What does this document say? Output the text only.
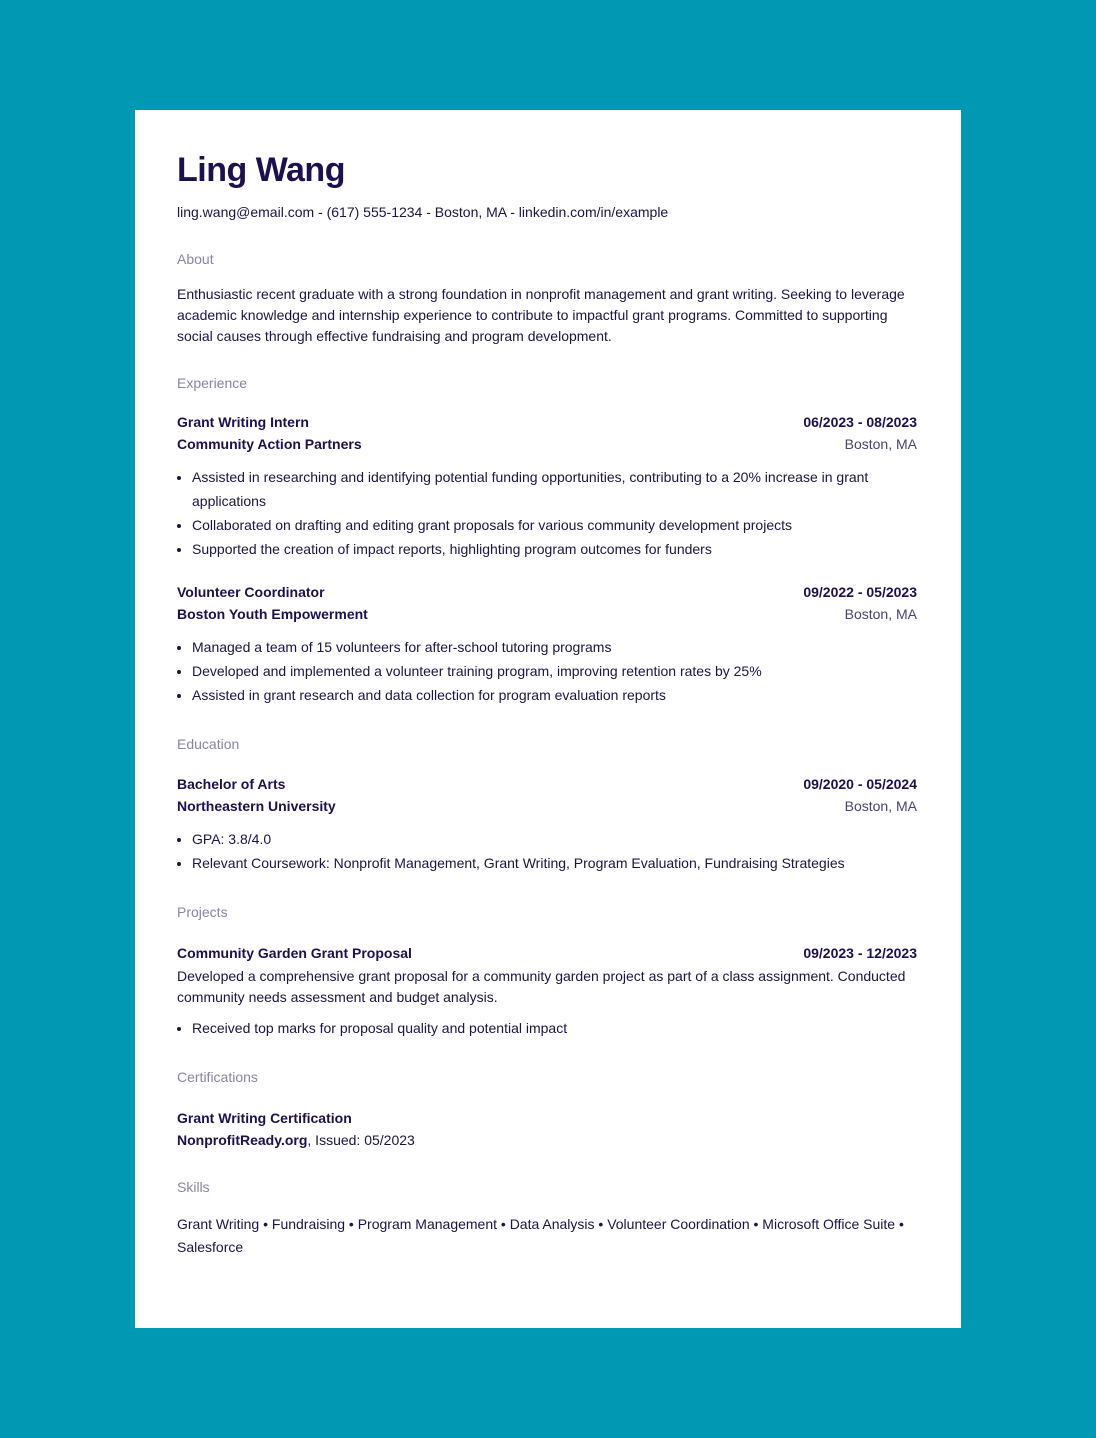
Ling Wang
ling.wang@email.com - (617) 555-1234 - Boston, MA - linkedin.com/in/example
About
Enthusiastic recent graduate with a strong foundation in nonprofit management and grant writing. Seeking to leverage academic knowledge and internship experience to contribute to impactful grant programs. Committed to supporting social causes through effective fundraising and program development.
Experience
Grant Writing Intern	06/2023 - 08/2023
Community Action Partners	Boston, MA
• Assisted in researching and identifying potential funding opportunities, contributing to a 20% increase in grant applications
• Collaborated on drafting and editing grant proposals for various community development projects
• Supported the creation of impact reports, highlighting program outcomes for funders
Volunteer Coordinator	09/2022 - 05/2023
Boston Youth Empowerment	Boston, MA
• Managed a team of 15 volunteers for after-school tutoring programs
• Developed and implemented a volunteer training program, improving retention rates by 25%
• Assisted in grant research and data collection for program evaluation reports
Education
Bachelor of Arts	09/2020 - 05/2024
Northeastern University	Boston, MA
• GPA: 3.8/4.0
• Relevant Coursework: Nonprofit Management, Grant Writing, Program Evaluation, Fundraising Strategies
Projects
Community Garden Grant Proposal	09/2023 - 12/2023
Developed a comprehensive grant proposal for a community garden project as part of a class assignment. Conducted community needs assessment and budget analysis.
• Received top marks for proposal quality and potential impact
Certifications
Grant Writing Certification
NonprofitReady.org, Issued: 05/2023
Skills
Grant Writing • Fundraising • Program Management • Data Analysis • Volunteer Coordination • Microsoft Office Suite • Salesforce
